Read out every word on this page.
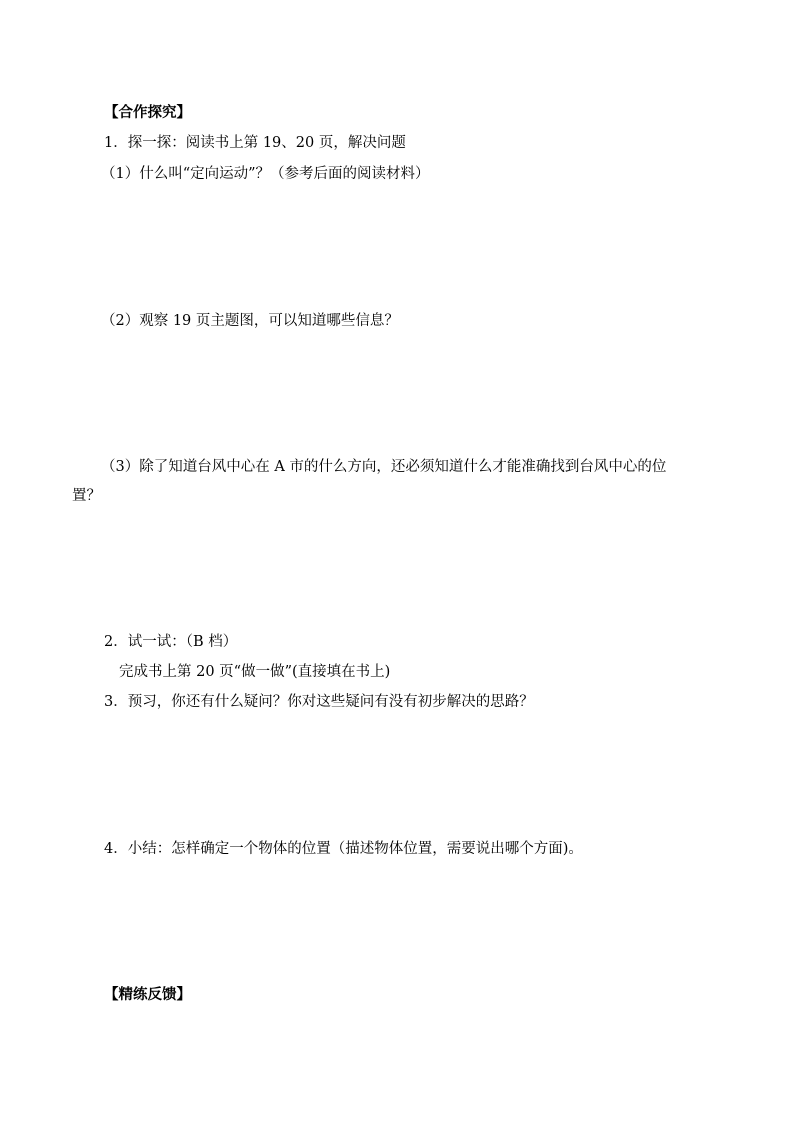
【合作探究】

1．探一探：阅读书上第 19、20 页，解决问题

（1）什么叫“定向运动”？（参考后面的阅读材料）

（2）观察 19 页主题图，可以知道哪些信息？

（3）除了知道台风中心在 A 市的什么方向，还必须知道什么才能准确找到台风中心的位

置？

2．试一试：（B 档）

完成书上第 20 页“做一做”(直接填在书上)

3．预习，你还有什么疑问？你对这些疑问有没有初步解决的思路？

4．小结：怎样确定一个物体的位置（描述物体位置，需要说出哪个方面)。

【精练反馈】
